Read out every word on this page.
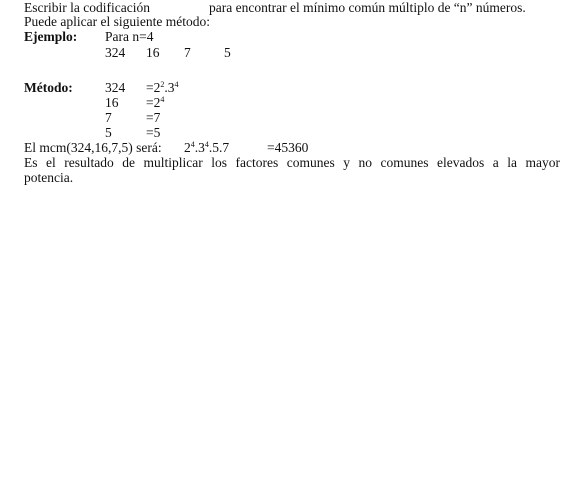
Escribir la codificación	para encontrar el mínimo común múltiplo de “n” números.
Puede aplicar el siguiente método:
Ejemplo: Para n=4
324 16 7 5
Método: $324 =2^2.3^4$
$16 =2^4$
7	=7
5	=5
El mcm(324,16,7,5) será: $2^4.3^4.5.7$	=45360
Es el resultado de multiplicar los factores comunes y no comunes elevados a la mayor
potencia.
